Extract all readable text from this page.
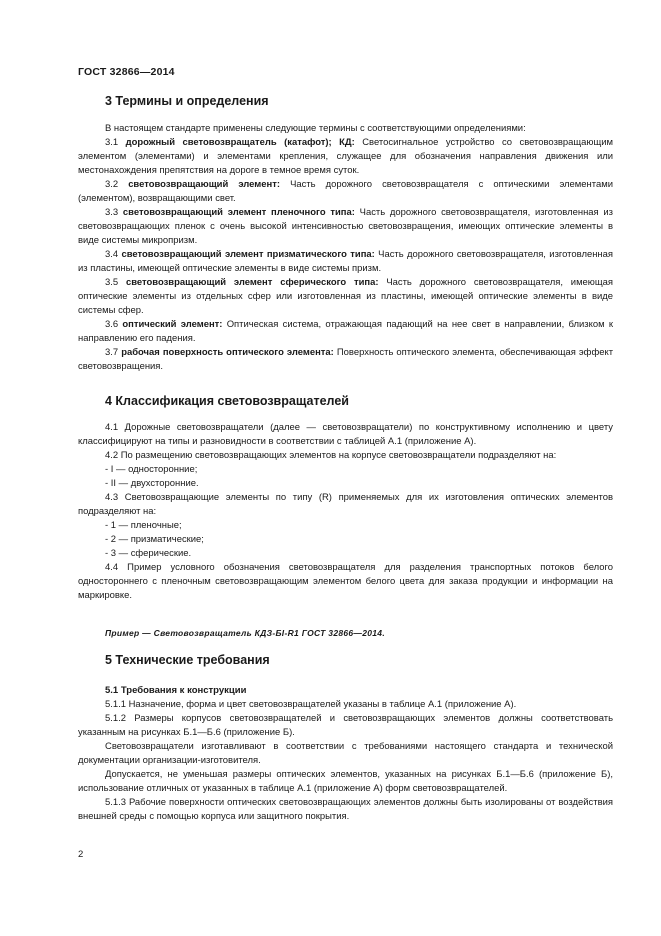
ГОСТ 32866—2014
3 Термины и определения

В настоящем стандарте применены следующие термины с соответствующими определениями:

3.1 дорожный световозвращатель (катафот); КД: Светосигнальное устройство со световозвращающим элементом (элементами) и элементами крепления, служащее для обозначения направления движения или местонахождения препятствия на дороге в темное время суток.

3.2 световозвращающий элемент: Часть дорожного световозвращателя с оптическими элементами (элементом), возвращающими свет.

3.3 световозвращающий элемент пленочного типа: Часть дорожного световозвращателя, изготовленная из световозвращающих пленок с очень высокой интенсивностью световозвращения, имеющих оптические элементы в виде системы микропризм.

3.4 световозвращающий элемент призматического типа: Часть дорожного световозвращателя, изготовленная из пластины, имеющей оптические элементы в виде системы призм.

3.5 световозвращающий элемент сферического типа: Часть дорожного световозвращателя, имеющая оптические элементы из отдельных сфер или изготовленная из пластины, имеющей оптические элементы в виде системы сфер.

3.6 оптический элемент: Оптическая система, отражающая падающий на нее свет в направлении, близком к направлению его падения.

3.7 рабочая поверхность оптического элемента: Поверхность оптического элемента, обеспечивающая эффект световозвращения.

4 Классификация световозвращателей

4.1 Дорожные световозвращатели (далее — световозвращатели) по конструктивному исполнению и цвету классифицируют на типы и разновидности в соответствии с таблицей А.1 (приложение А).

4.2 По размещению световозвращающих элементов на корпусе световозвращатели подразделяют на:

- I — односторонние;
- II — двухсторонние.

4.3 Световозвращающие элементы по типу (R) применяемых для их изготовления оптических элементов подразделяют на:

- 1 — пленочные;
- 2 — призматические;
- 3 — сферические.

4.4 Пример условного обозначения световозвращателя для разделения транспортных потоков белого одностороннего с пленочным световозвращающим элементом белого цвета для заказа продукции и информации на маркировке.

Пример — Световозвращатель КДЗ-БI-R1 ГОСТ 32866—2014.
5 Технические требования
5.1 Требования к конструкции

5.1.1 Назначение, форма и цвет световозвращателей указаны в таблице А.1 (приложение А).

5.1.2 Размеры корпусов световозвращателей и световозвращающих элементов должны соответствовать указанным на рисунках Б.1—Б.6 (приложение Б).

Световозвращатели изготавливают в соответствии с требованиями настоящего стандарта и технической документации организации-изготовителя.

Допускается, не уменьшая размеры оптических элементов, указанных на рисунках Б.1—Б.6 (приложение Б), использование отличных от указанных в таблице А.1 (приложение А) форм световозвращателей.

5.1.3 Рабочие поверхности оптических световозвращающих элементов должны быть изолированы от воздействия внешней среды с помощью корпуса или защитного покрытия.

2
